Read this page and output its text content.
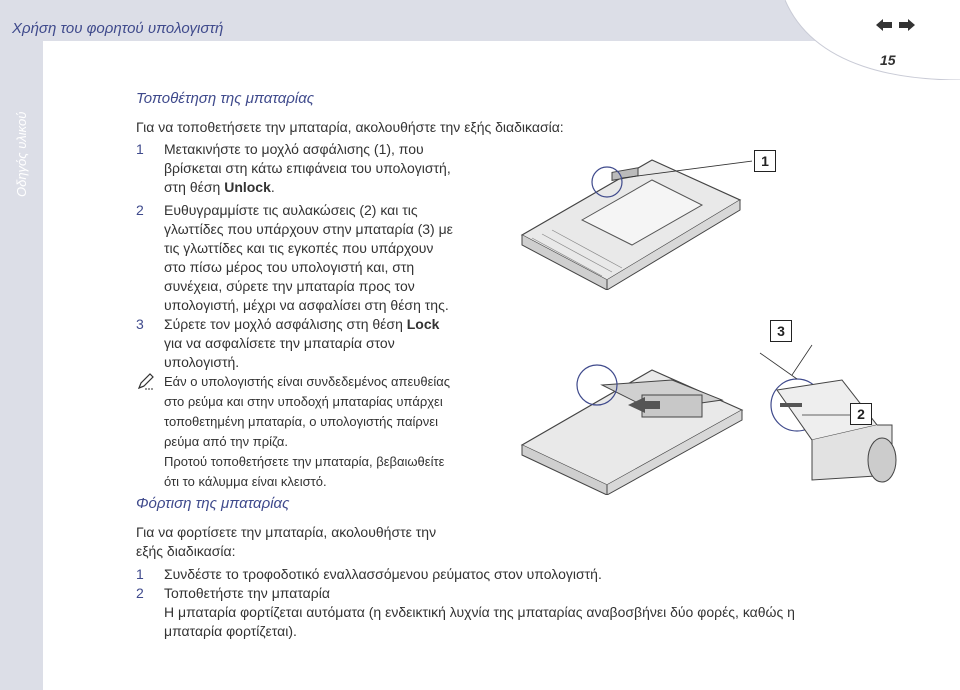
Χρήση του φορητού υπολογιστή
Οδηγός υλικού

15
Τοποθέτηση της μπαταρίας
Για να τοποθετήσετε την μπαταρία, ακολουθήστε την εξής διαδικασία:
1 Μετακινήστε το μοχλό ασφάλισης (1), που
βρίσκεται στη κάτω επιφάνεια του υπολογιστή,
στη θέση Unlock.
2 Ευθυγραμμίστε τις αυλακώσεις (2) και τις
γλωττίδες που υπάρχουν στην μπαταρία (3) με
τις γλωττίδες και τις εγκοπές που υπάρχουν
στο πίσω μέρος του υπολογιστή και, στη
συνέχεια, σύρετε την μπαταρία προς τον
υπολογιστή, μέχρι να ασφαλίσει στη θέση της.
3 Σύρετε τον μοχλό ασφάλισης στη θέση Lock
για να ασφαλίσετε την μπαταρία στον
υπολογιστή.
Εάν ο υπολογιστής είναι συνδεδεμένος απευθείας
στο ρεύμα και στην υποδοχή μπαταρίας υπάρχει
τοποθετημένη μπαταρία, ο υπολογιστής παίρνει
ρεύμα από την πρίζα.
Προτού τοποθετήσετε την μπαταρία, βεβαιωθείτε
ότι το κάλυμμα είναι κλειστό.
1
3
2
Φόρτιση της μπαταρίας
Για να φορτίσετε την μπαταρία, ακολουθήστε την
εξής διαδικασία:
1 Συνδέστε το τροφοδοτικό εναλλασσόμενου ρεύματος στον υπολογιστή.
2 Τοποθετήστε την μπαταρία
Η μπαταρία φορτίζεται αυτόματα (η ενδεικτική λυχνία της μπαταρίας αναβοσβήνει δύο φορές, καθώς η
μπαταρία φορτίζεται).
